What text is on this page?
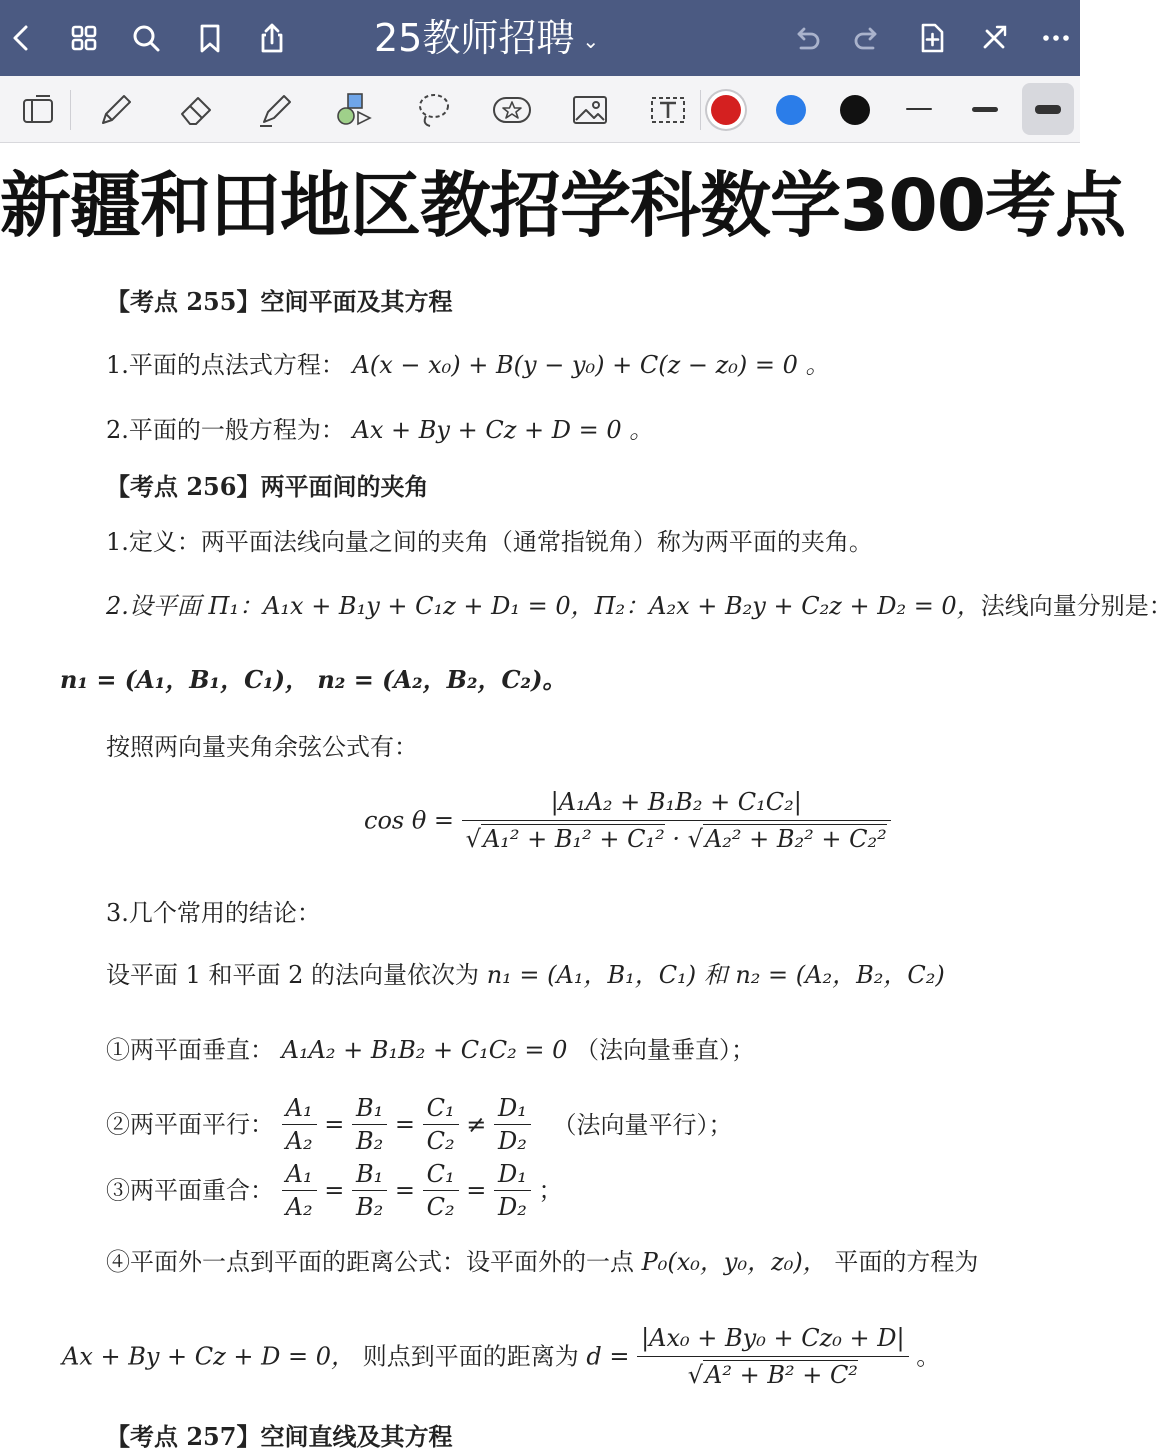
25教师招聘 ⌄
新疆和田地区教招学科数学300考点
【考点 255】空间平面及其方程
1.平面的点法式方程： A(x − x₀) + B(y − y₀) + C(z − z₀) = 0 。
2.平面的一般方程为： Ax + By + Cz + D = 0 。
【考点 256】两平面间的夹角
1.定义：两平面法线向量之间的夹角（通常指锐角）称为两平面的夹角。
2.设平面 Π₁：A₁x + B₁y + C₁z + D₁ = 0，Π₂：A₂x + B₂y + C₂z + D₂ = 0，法线向量分别是：
n₁ = (A₁，B₁，C₁)， n₂ = (A₂，B₂，C₂)。
按照两向量夹角余弦公式有：
$\cos \theta = \frac{\text{|A₁A₂ + B₁B₂ + C₁C₂|}}{\text{√A₁² + B₁² + C₁² · √A₂² + B₂² + C₂²}}$
3.几个常用的结论：
设平面 1 和平面 2 的法向量依次为 n₁ = (A₁，B₁，C₁) 和 n₂ = (A₂，B₂，C₂)
①两平面垂直： A₁A₂ + B₁B₂ + C₁C₂ = 0 （法向量垂直）；
②两平面平行： $\frac{\text{A₁}}{\text{A₂}} = \frac{\text{B₁}}{\text{B₂}} = \frac{\text{C₁}}{\text{C₂}} \ne \frac{\text{D₁}}{\text{D₂}}$ （法向量平行）；
③两平面重合： $\frac{\text{A₁}}{\text{A₂}} = \frac{\text{B₁}}{\text{B₂}} = \frac{\text{C₁}}{\text{C₂}} = \frac{\text{D₁}}{\text{D₂}}$ ；
④平面外一点到平面的距离公式：设平面外的一点 P₀(x₀，y₀，z₀)， 平面的方程为
Ax + By + Cz + D = 0， 则点到平面的距离为 $d = \frac{\text{|Ax₀ + By₀ + Cz₀ + D|}}{\text{√A² + B² + C²}}$ 。
【考点 257】空间直线及其方程
